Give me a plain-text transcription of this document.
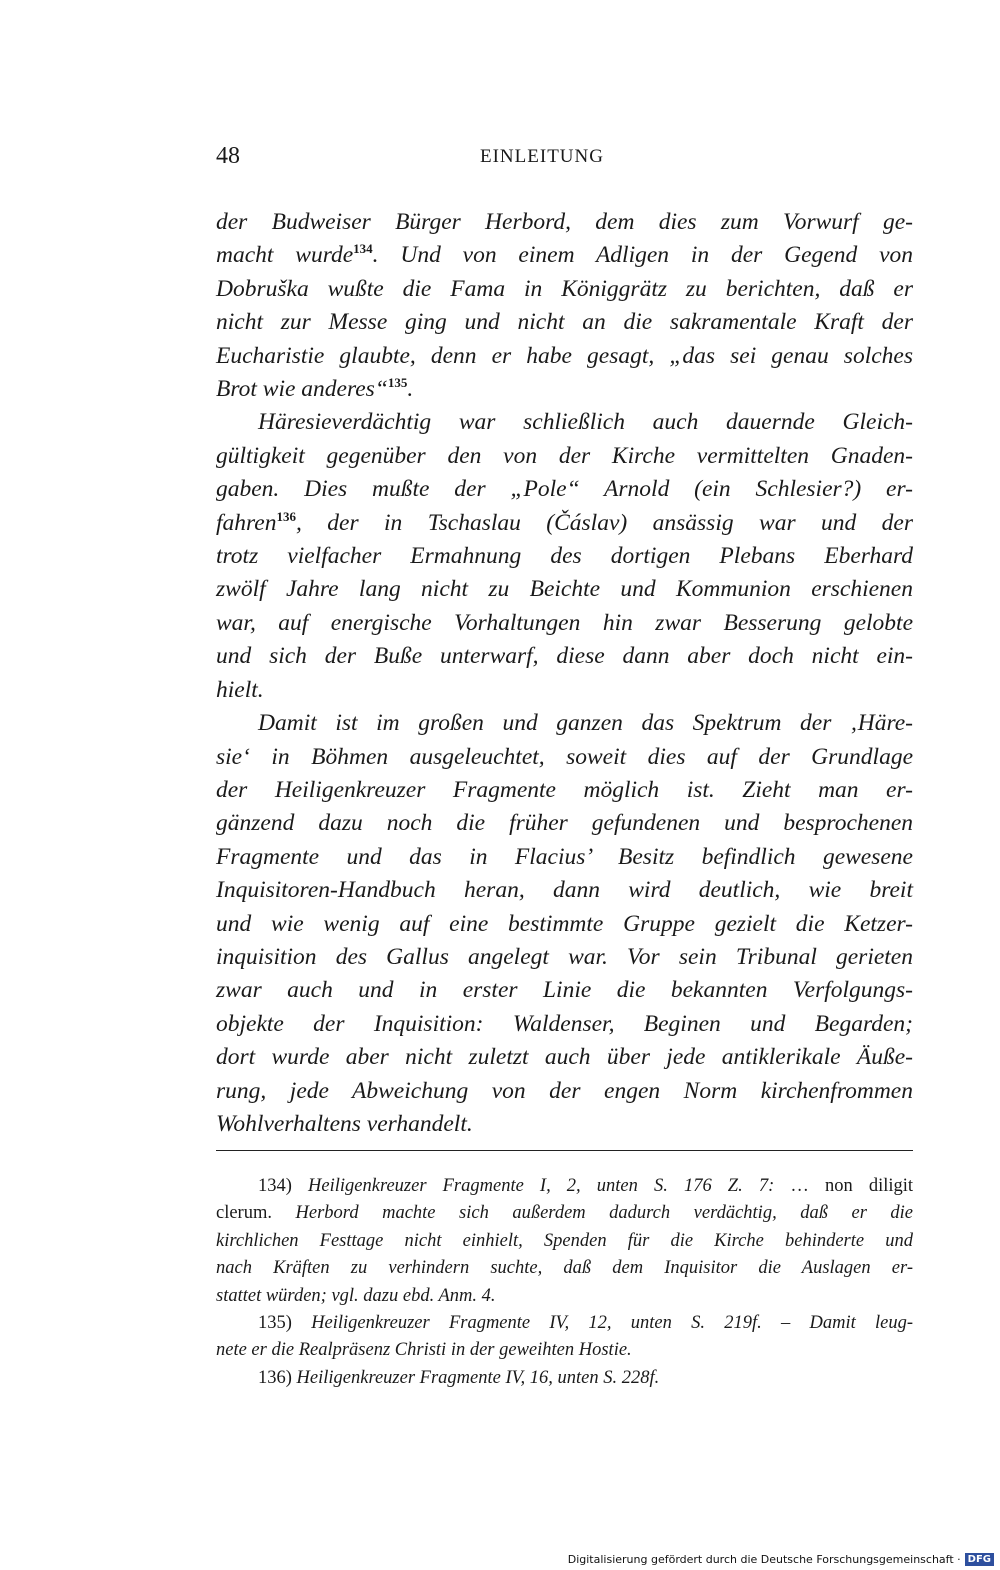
48	EINLEITUNG
der Budweiser Bürger Herbord, dem dies zum Vorwurf ge-
macht wurde$^{134}$. Und von einem Adligen in der Gegend von
Dobruška wußte die Fama in Königgrätz zu berichten, daß er
nicht zur Messe ging und nicht an die sakramentale Kraft der
Eucharistie glaubte, denn er habe gesagt, „das sei genau solches
Brot wie anderes“$^{135}$.
Häresieverdächtig war schließlich auch dauernde Gleich-
gültigkeit gegenüber den von der Kirche vermittelten Gnaden-
gaben. Dies mußte der „Pole“ Arnold (ein Schlesier?) er-
fahren$^{136}$, der in Tschaslau (Čáslav) ansässig war und der
trotz vielfacher Ermahnung des dortigen Plebans Eberhard
zwölf Jahre lang nicht zu Beichte und Kommunion erschienen
war, auf energische Vorhaltungen hin zwar Besserung gelobte
und sich der Buße unterwarf, diese dann aber doch nicht ein-
hielt.
Damit ist im großen und ganzen das Spektrum der ‚Häre-
sie‘ in Böhmen ausgeleuchtet, soweit dies auf der Grundlage
der Heiligenkreuzer Fragmente möglich ist. Zieht man er-
gänzend dazu noch die früher gefundenen und besprochenen
Fragmente und das in Flacius’ Besitz befindlich gewesene
Inquisitoren-Handbuch heran, dann wird deutlich, wie breit
und wie wenig auf eine bestimmte Gruppe gezielt die Ketzer-
inquisition des Gallus angelegt war. Vor sein Tribunal gerieten
zwar auch und in erster Linie die bekannten Verfolgungs-
objekte der Inquisition: Waldenser, Beginen und Begarden;
dort wurde aber nicht zuletzt auch über jede antiklerikale Äuße-
rung, jede Abweichung von der engen Norm kirchenfrommen
Wohlverhaltens verhandelt.
134) Heiligenkreuzer Fragmente I, 2, unten S. 176 Z. 7: … non diligit
clerum. Herbord machte sich außerdem dadurch verdächtig, daß er die
kirchlichen Festtage nicht einhielt, Spenden für die Kirche behinderte und
nach Kräften zu verhindern suchte, daß dem Inquisitor die Auslagen er-
stattet würden; vgl. dazu ebd. Anm. 4.
135) Heiligenkreuzer Fragmente IV, 12, unten S. 219f. – Damit leug-
nete er die Realpräsenz Christi in der geweihten Hostie.
136) Heiligenkreuzer Fragmente IV, 16, unten S. 228f.
Digitalisierung gefördert durch die Deutsche Forschungsgemeinschaft · DFG
